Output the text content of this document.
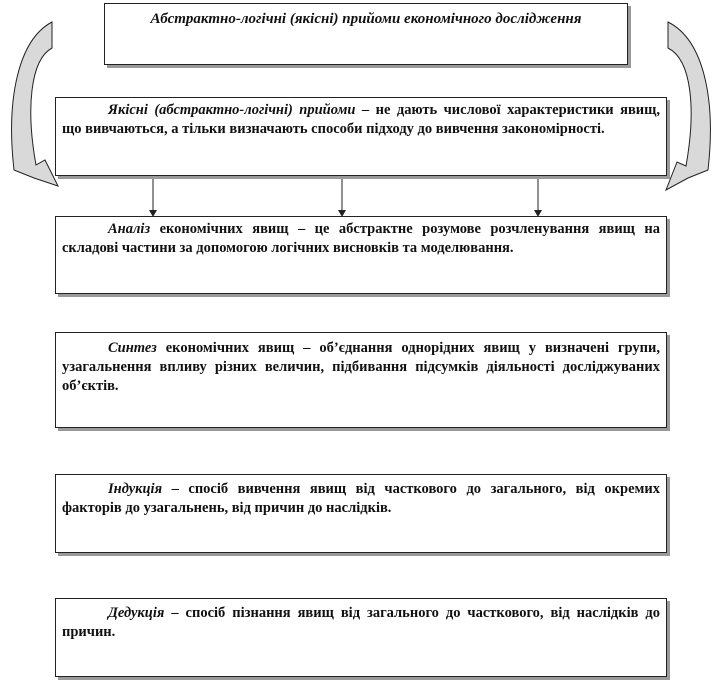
Абстрактно-логічні (якісні) прийоми економічного дослідження
Якісні (абстрактно-логічні) прийоми – не дають числової характеристики явищ, що вивчаються, а тільки визначають способи підходу до вивчення закономірності.
Аналіз економічних явищ – це абстрактне розумове розчленування явищ на складові частини за допомогою логічних висновків та моделювання.
Синтез економічних явищ – об’єднання однорідних явищ у визначені групи, узагальнення впливу різних величин, підбивання підсумків діяльності досліджуваних об’єктів.
Індукція – спосіб вивчення явищ від часткового до загального, від окремих факторів до узагальнень, від причин до наслідків.
Дедукція – спосіб пізнання явищ від загального до часткового, від наслідків до причин.
